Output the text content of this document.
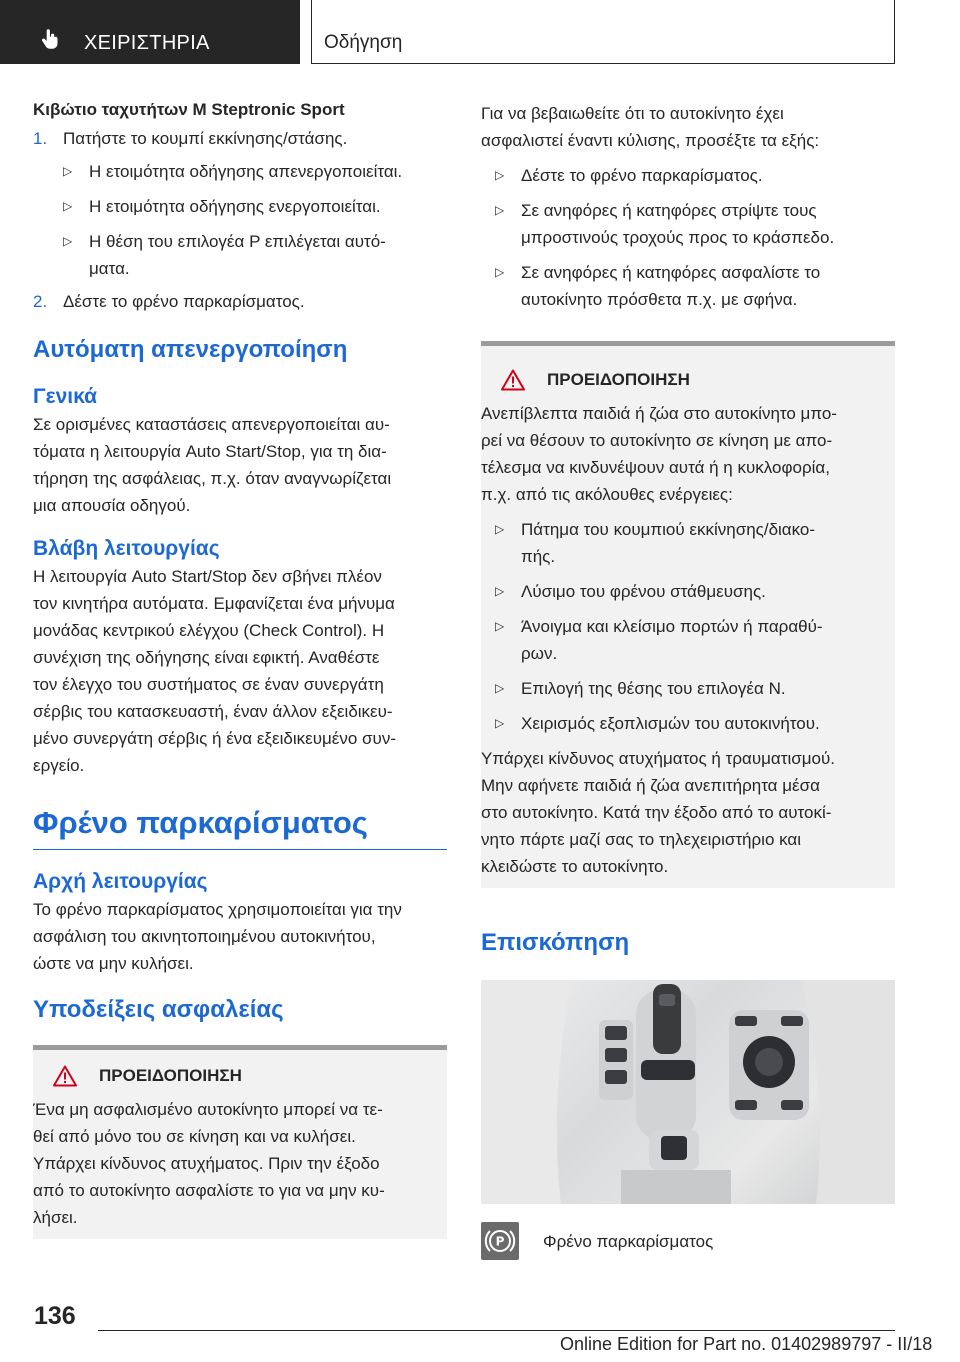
ΧΕΙΡΙΣΤΗΡΙΑ	Οδήγηση

Κιβώτιο ταχυτήτων M Steptronic Sport

1. Πατήστε το κουμπί εκκίνησης/στάσης.
▷ Η ετοιμότητα οδήγησης απενεργοποιείται.
▷ Η ετοιμότητα οδήγησης ενεργοποιείται.
▷ Η θέση του επιλογέα P επιλέγεται αυτό-
ματα.
2. Δέστε το φρένο παρκαρίσματος.
Αυτόματη απενεργοποίηση
Γενικά

Σε ορισμένες καταστάσεις απενεργοποιείται αυ-
τόματα η λειτουργία Auto Start/Stop, για τη δια-
τήρηση της ασφάλειας, π.χ. όταν αναγνωρίζεται
μια απουσία οδηγού.

Βλάβη λειτουργίας

Η λειτουργία Auto Start/Stop δεν σβήνει πλέον
τον κινητήρα αυτόματα. Εμφανίζεται ένα μήνυμα
μονάδας κεντρικού ελέγχου (Check Control). Η
συνέχιση της οδήγησης είναι εφικτή. Αναθέστε
τον έλεγχο του συστήματος σε έναν συνεργάτη
σέρβις του κατασκευαστή, έναν άλλον εξειδικευ-
μένο συνεργάτη σέρβις ή ένα εξειδικευμένο συν-
εργείο.

Φρένο παρκαρίσματος
Αρχή λειτουργίας

Το φρένο παρκαρίσματος χρησιμοποιείται για την
ασφάλιση του ακινητοποιημένου αυτοκινήτου,
ώστε να μην κυλήσει.

Υποδείξεις ασφαλείας
ΠΡΟΕΙΔΟΠΟΙΗΣΗ

Ένα μη ασφαλισμένο αυτοκίνητο μπορεί να τε-
θεί από μόνο του σε κίνηση και να κυλήσει.
Υπάρχει κίνδυνος ατυχήματος. Πριν την έξοδο
από το αυτοκίνητο ασφαλίστε το για να μην κυ-
λήσει.

Για να βεβαιωθείτε ότι το αυτοκίνητο έχει
ασφαλιστεί έναντι κύλισης, προσέξτε τα εξής:

▷ Δέστε το φρένο παρκαρίσματος.
▷ Σε ανηφόρες ή κατηφόρες στρίψτε τους
μπροστινούς τροχούς προς το κράσπεδο.
▷ Σε ανηφόρες ή κατηφόρες ασφαλίστε το
αυτοκίνητο πρόσθετα π.χ. με σφήνα.
ΠΡΟΕΙΔΟΠΟΙΗΣΗ

Ανεπίβλεπτα παιδιά ή ζώα στο αυτοκίνητο μπο-
ρεί να θέσουν το αυτοκίνητο σε κίνηση με απο-
τέλεσμα να κινδυνέψουν αυτά ή η κυκλοφορία,
π.χ. από τις ακόλουθες ενέργειες:

▷ Πάτημα του κουμπιού εκκίνησης/διακο-
πής.
▷ Λύσιμο του φρένου στάθμευσης.
▷ Άνοιγμα και κλείσιμο πορτών ή παραθύ-
ρων.
▷ Επιλογή της θέσης του επιλογέα N.
▷ Χειρισμός εξοπλισμών του αυτοκινήτου.

Υπάρχει κίνδυνος ατυχήματος ή τραυματισμού.
Μην αφήνετε παιδιά ή ζώα ανεπιτήρητα μέσα
στο αυτοκίνητο. Κατά την έξοδο από το αυτοκί-
νητο πάρτε μαζί σας το τηλεχειριστήριο και
κλειδώστε το αυτοκίνητο.

Επισκόπηση
P Φρένο παρκαρίσματος
136
Online Edition for Part no. 01402989797 - II/18
